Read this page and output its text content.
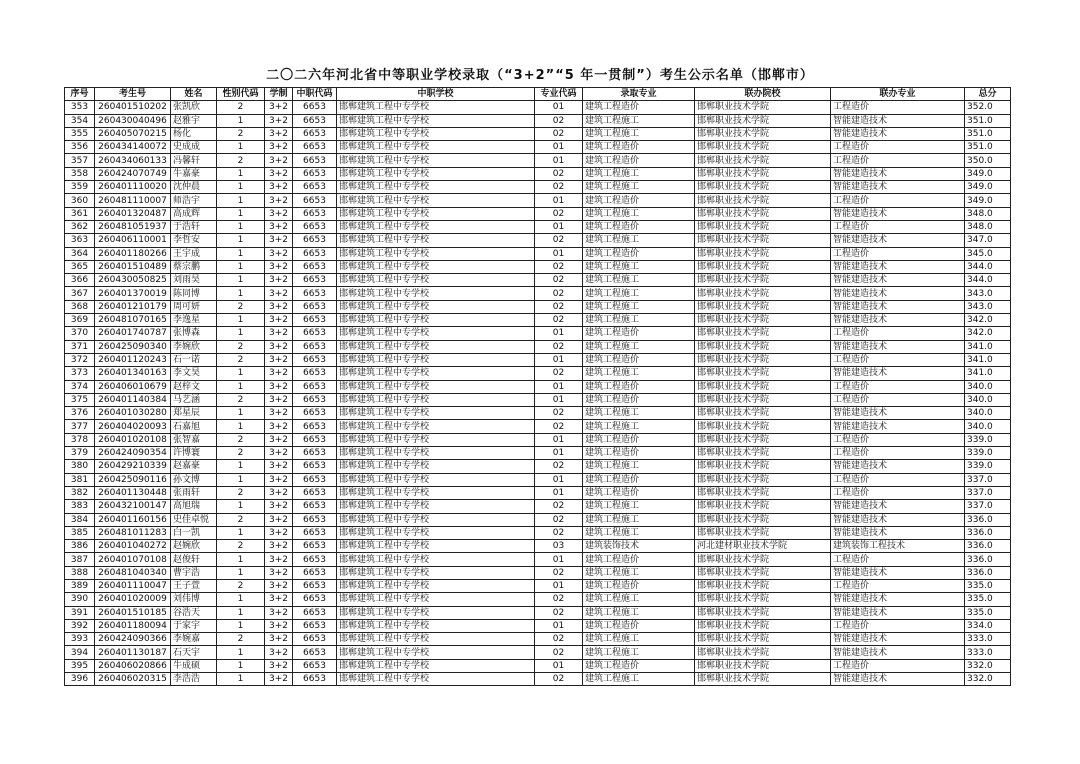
二〇二六年河北省中等职业学校录取（“3+2”“5 年一贯制”）考生公示名单（邯郸市）
序号	考生号	姓名	性别代码	学制	中职代码	中职学校	专业代码	录取专业	联办院校	联办专业	总分
353	260401510202	张凯欣	2	3+2	6653	邯郸建筑工程中专学校	01	建筑工程造价	邯郸职业技术学院	工程造价	352.0
354	260430040496	赵雅宇	1	3+2	6653	邯郸建筑工程中专学校	02	建筑工程施工	邯郸职业技术学院	智能建造技术	351.0
355	260405070215	杨化	2	3+2	6653	邯郸建筑工程中专学校	02	建筑工程施工	邯郸职业技术学院	智能建造技术	351.0
356	260434140072	史成成	1	3+2	6653	邯郸建筑工程中专学校	01	建筑工程造价	邯郸职业技术学院	工程造价	351.0
357	260434060133	冯馨轩	2	3+2	6653	邯郸建筑工程中专学校	01	建筑工程造价	邯郸职业技术学院	工程造价	350.0
358	260424070749	牛嘉豪	1	3+2	6653	邯郸建筑工程中专学校	02	建筑工程施工	邯郸职业技术学院	智能建造技术	349.0
359	260401110020	沈仲晨	1	3+2	6653	邯郸建筑工程中专学校	02	建筑工程施工	邯郸职业技术学院	智能建造技术	349.0
360	260481110007	师浩宇	1	3+2	6653	邯郸建筑工程中专学校	01	建筑工程造价	邯郸职业技术学院	工程造价	349.0
361	260401320487	高成辉	1	3+2	6653	邯郸建筑工程中专学校	02	建筑工程施工	邯郸职业技术学院	智能建造技术	348.0
362	260481051937	于浩轩	1	3+2	6653	邯郸建筑工程中专学校	01	建筑工程造价	邯郸职业技术学院	工程造价	348.0
363	260406110001	李哲安	1	3+2	6653	邯郸建筑工程中专学校	02	建筑工程施工	邯郸职业技术学院	智能建造技术	347.0
364	260401180266	王宇成	1	3+2	6653	邯郸建筑工程中专学校	01	建筑工程造价	邯郸职业技术学院	工程造价	345.0
365	260401510489	蔡宗鹏	1	3+2	6653	邯郸建筑工程中专学校	02	建筑工程施工	邯郸职业技术学院	智能建造技术	344.0
366	260430050825	刘雨昊	1	3+2	6653	邯郸建筑工程中专学校	02	建筑工程施工	邯郸职业技术学院	智能建造技术	344.0
367	260401370019	陈同博	1	3+2	6653	邯郸建筑工程中专学校	02	建筑工程施工	邯郸职业技术学院	智能建造技术	343.0
368	260401210179	周可妍	2	3+2	6653	邯郸建筑工程中专学校	02	建筑工程施工	邯郸职业技术学院	智能建造技术	343.0
369	260481070165	李逸星	1	3+2	6653	邯郸建筑工程中专学校	02	建筑工程施工	邯郸职业技术学院	智能建造技术	342.0
370	260401740787	张博森	1	3+2	6653	邯郸建筑工程中专学校	01	建筑工程造价	邯郸职业技术学院	工程造价	342.0
371	260425090340	李婉欣	2	3+2	6653	邯郸建筑工程中专学校	02	建筑工程施工	邯郸职业技术学院	智能建造技术	341.0
372	260401120243	石一诺	2	3+2	6653	邯郸建筑工程中专学校	01	建筑工程造价	邯郸职业技术学院	工程造价	341.0
373	260401340163	李文昊	1	3+2	6653	邯郸建筑工程中专学校	02	建筑工程施工	邯郸职业技术学院	智能建造技术	341.0
374	260406010679	赵梓文	1	3+2	6653	邯郸建筑工程中专学校	01	建筑工程造价	邯郸职业技术学院	工程造价	340.0
375	260401140384	马艺涵	2	3+2	6653	邯郸建筑工程中专学校	01	建筑工程造价	邯郸职业技术学院	工程造价	340.0
376	260401030280	郑星辰	1	3+2	6653	邯郸建筑工程中专学校	02	建筑工程施工	邯郸职业技术学院	智能建造技术	340.0
377	260404020093	石嘉旭	1	3+2	6653	邯郸建筑工程中专学校	02	建筑工程施工	邯郸职业技术学院	智能建造技术	340.0
378	260401020108	张智嘉	2	3+2	6653	邯郸建筑工程中专学校	01	建筑工程造价	邯郸职业技术学院	工程造价	339.0
379	260424090354	许博寰	2	3+2	6653	邯郸建筑工程中专学校	01	建筑工程造价	邯郸职业技术学院	工程造价	339.0
380	260429210339	赵嘉豪	1	3+2	6653	邯郸建筑工程中专学校	02	建筑工程施工	邯郸职业技术学院	智能建造技术	339.0
381	260425090116	孙文博	1	3+2	6653	邯郸建筑工程中专学校	01	建筑工程造价	邯郸职业技术学院	工程造价	337.0
382	260401130448	张雨轩	2	3+2	6653	邯郸建筑工程中专学校	01	建筑工程造价	邯郸职业技术学院	工程造价	337.0
383	260432100147	高旭瑞	1	3+2	6653	邯郸建筑工程中专学校	02	建筑工程施工	邯郸职业技术学院	智能建造技术	337.0
384	260401160156	史佳卓悦	2	3+2	6653	邯郸建筑工程中专学校	02	建筑工程施工	邯郸职业技术学院	智能建造技术	336.0
385	260481011283	白一凯	1	3+2	6653	邯郸建筑工程中专学校	02	建筑工程施工	邯郸职业技术学院	智能建造技术	336.0
386	260401040272	赵婉欣	2	3+2	6653	邯郸建筑工程中专学校	03	建筑装饰技术	河北建材职业技术学院	建筑装饰工程技术	336.0
387	260401070108	赵俊轩	1	3+2	6653	邯郸建筑工程中专学校	01	建筑工程造价	邯郸职业技术学院	工程造价	336.0
388	260481040340	曹宇浩	1	3+2	6653	邯郸建筑工程中专学校	02	建筑工程施工	邯郸职业技术学院	智能建造技术	336.0
389	260401110047	王子萱	2	3+2	6653	邯郸建筑工程中专学校	01	建筑工程造价	邯郸职业技术学院	工程造价	335.0
390	260401020009	刘伟博	1	3+2	6653	邯郸建筑工程中专学校	02	建筑工程施工	邯郸职业技术学院	智能建造技术	335.0
391	260401510185	谷浩天	1	3+2	6653	邯郸建筑工程中专学校	02	建筑工程施工	邯郸职业技术学院	智能建造技术	335.0
392	260401180094	于家宇	1	3+2	6653	邯郸建筑工程中专学校	01	建筑工程造价	邯郸职业技术学院	工程造价	334.0
393	260424090366	李婉嘉	2	3+2	6653	邯郸建筑工程中专学校	02	建筑工程施工	邯郸职业技术学院	智能建造技术	333.0
394	260401130187	石天宇	1	3+2	6653	邯郸建筑工程中专学校	02	建筑工程施工	邯郸职业技术学院	智能建造技术	333.0
395	260406020866	牛成硕	1	3+2	6653	邯郸建筑工程中专学校	01	建筑工程造价	邯郸职业技术学院	工程造价	332.0
396	260406020315	李浩浩	1	3+2	6653	邯郸建筑工程中专学校	02	建筑工程施工	邯郸职业技术学院	智能建造技术	332.0
